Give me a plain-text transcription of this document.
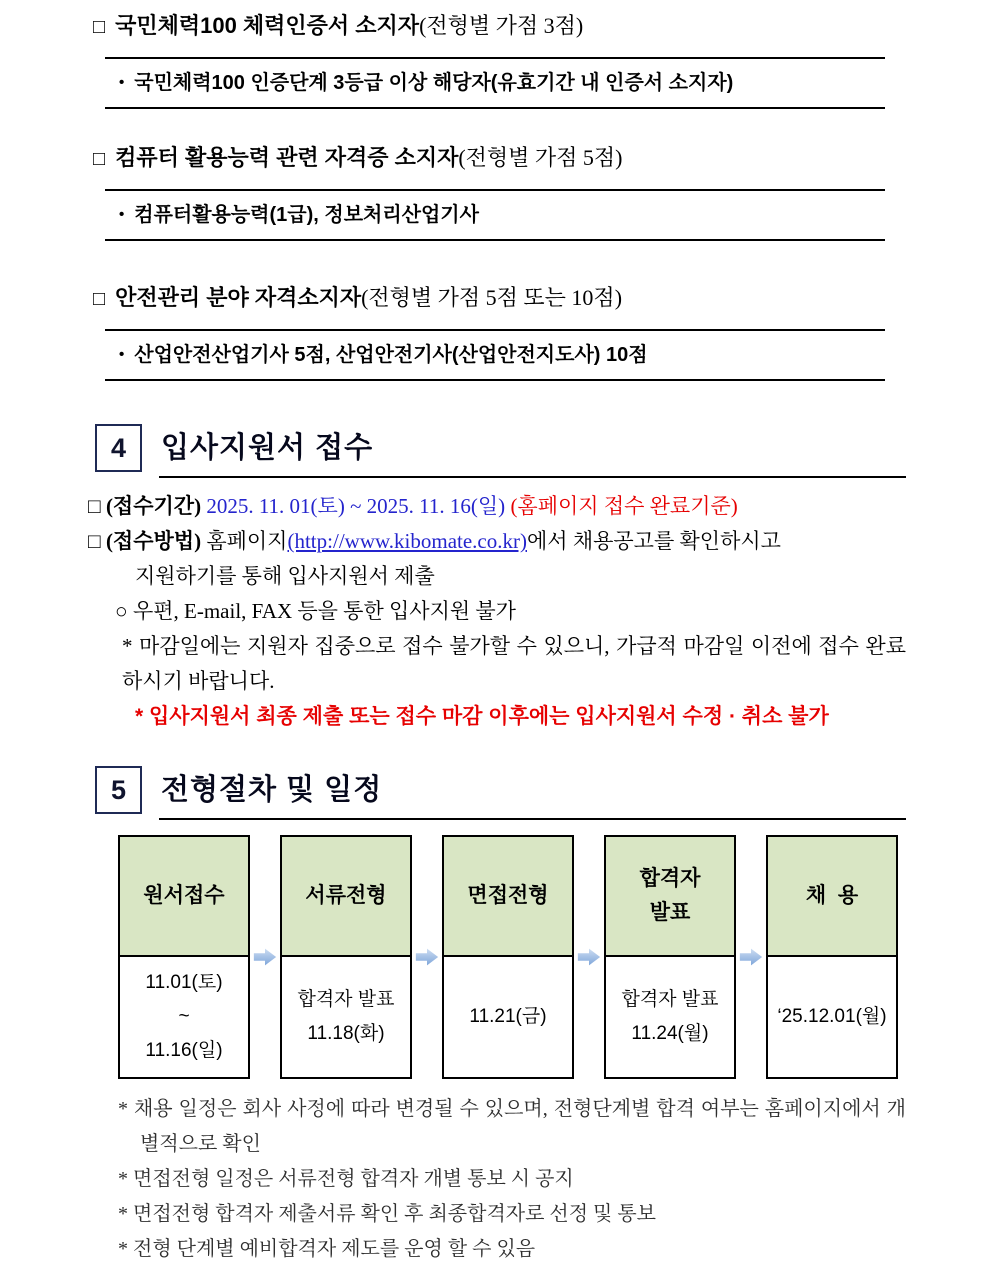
□ 국민체력100 체력인증서 소지자(전형별 가점 3점)
• 국민체력100 인증단계 3등급 이상 해당자(유효기간 내 인증서 소지자)
□ 컴퓨터 활용능력 관련 자격증 소지자(전형별 가점 5점)
• 컴퓨터활용능력(1급), 정보처리산업기사
□ 안전관리 분야 자격소지자(전형별 가점 5점 또는 10점)
• 산업안전산업기사 5점, 산업안전기사(산업안전지도사) 10점
4	입사지원서 접수
□ (접수기간) 2025. 11. 01(토) ~ 2025. 11. 16(일) (홈페이지 접수 완료기준)
□ (접수방법) 홈페이지(http://www.kibomate.co.kr)에서 채용공고를 확인하시고
지원하기를 통해 입사지원서 제출
○ 우편, E-mail, FAX 등을 통한 입사지원 불가
* 마감일에는 지원자 집중으로 접수 불가할 수 있으니, 가급적 마감일 이전에 접수 완료하시기 바랍니다.
* 입사지원서 최종 제출 또는 접수 마감 이후에는 입사지원서 수정 · 취소 불가
5	전형절차 및 일정
원서접수
11.01(토)
~
11.16(일)
서류전형
합격자 발표
11.18(화)
면접전형
11.21(금)
합격자
발표
합격자 발표
11.24(월)
채  용
‘25.12.01(월)
* 채용 일정은 회사 사정에 따라 변경될 수 있으며, 전형단계별 합격 여부는 홈페이지에서 개별적으로 확인
* 면접전형 일정은 서류전형 합격자 개별 통보 시 공지
* 면접전형 합격자 제출서류 확인 후 최종합격자로 선정 및 통보
* 전형 단계별 예비합격자 제도를 운영 할 수 있음
